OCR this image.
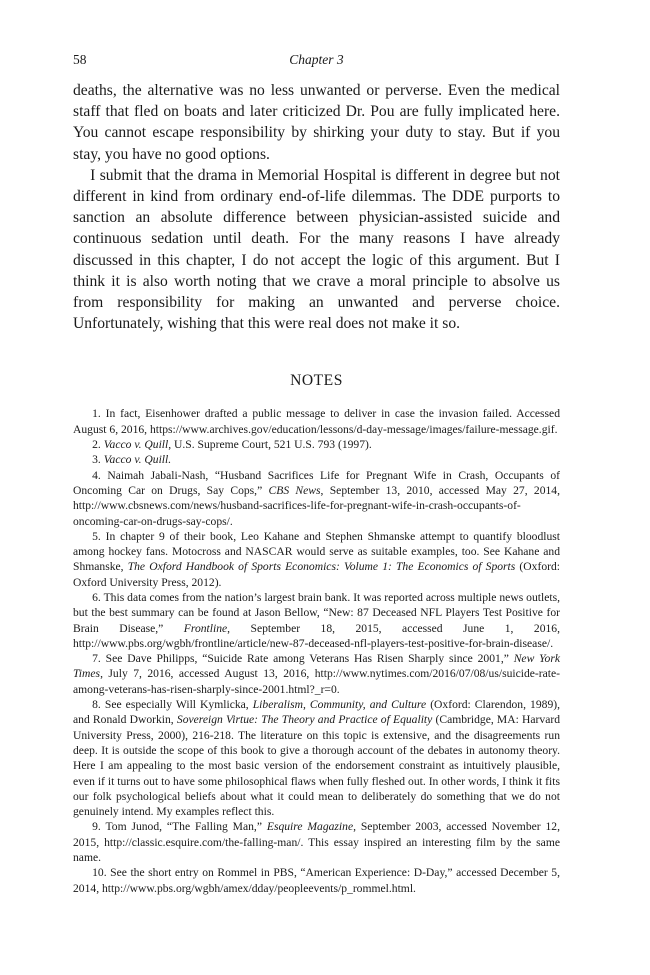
58	Chapter 3

deaths, the alternative was no less unwanted or perverse. Even the medical staff that fled on boats and later criticized Dr. Pou are fully implicated here. You cannot escape responsibility by shirking your duty to stay. But if you stay, you have no good options.

I submit that the drama in Memorial Hospital is different in degree but not different in kind from ordinary end-of-life dilemmas. The DDE purports to sanction an absolute difference between physician-assisted suicide and continuous sedation until death. For the many reasons I have already discussed in this chapter, I do not accept the logic of this argument. But I think it is also worth noting that we crave a moral principle to absolve us from responsibility for making an unwanted and perverse choice. Unfortunately, wishing that this were real does not make it so.

NOTES

1. In fact, Eisenhower drafted a public message to deliver in case the invasion failed. Accessed August 6, 2016, https://www.archives.gov/education/lessons/d-day-message/images/failure-message.gif.

2. Vacco v. Quill, U.S. Supreme Court, 521 U.S. 793 (1997).

3. Vacco v. Quill.

4. Naimah Jabali-Nash, “Husband Sacrifices Life for Pregnant Wife in Crash, Occupants of Oncoming Car on Drugs, Say Cops,” CBS News, September 13, 2010, accessed May 27, 2014, http://www.cbsnews.com/news/husband-sacrifices-life-for-pregnant-wife-in-crash-occupants-of-oncoming-car-on-drugs-say-cops/.

5. In chapter 9 of their book, Leo Kahane and Stephen Shmanske attempt to quantify bloodlust among hockey fans. Motocross and NASCAR would serve as suitable examples, too. See Kahane and Shmanske, The Oxford Handbook of Sports Economics: Volume 1: The Economics of Sports (Oxford: Oxford University Press, 2012).

6. This data comes from the nation’s largest brain bank. It was reported across multiple news outlets, but the best summary can be found at Jason Bellow, “New: 87 Deceased NFL Players Test Positive for Brain Disease,” Frontline, September 18, 2015, accessed June 1, 2016, http://www.pbs.org/wgbh/frontline/article/new-87-deceased-nfl-players-test-positive-for-brain-disease/.

7. See Dave Philipps, “Suicide Rate among Veterans Has Risen Sharply since 2001,” New York Times, July 7, 2016, accessed August 13, 2016, http://www.nytimes.com/2016/07/08/us/suicide-rate-among-veterans-has-risen-sharply-since-2001.html?_r=0.

8. See especially Will Kymlicka, Liberalism, Community, and Culture (Oxford: Clarendon, 1989), and Ronald Dworkin, Sovereign Virtue: The Theory and Practice of Equality (Cambridge, MA: Harvard University Press, 2000), 216-218. The literature on this topic is extensive, and the disagreements run deep. It is outside the scope of this book to give a thorough account of the debates in autonomy theory. Here I am appealing to the most basic version of the endorsement constraint as intuitively plausible, even if it turns out to have some philosophical flaws when fully fleshed out. In other words, I think it fits our folk psychological beliefs about what it could mean to deliberately do something that we do not genuinely intend. My examples reflect this.

9. Tom Junod, “The Falling Man,” Esquire Magazine, September 2003, accessed November 12, 2015, http://classic.esquire.com/the-falling-man/. This essay inspired an interesting film by the same name.

10. See the short entry on Rommel in PBS, “American Experience: D-Day,” accessed December 5, 2014, http://www.pbs.org/wgbh/amex/dday/peopleevents/p_rommel.html.
